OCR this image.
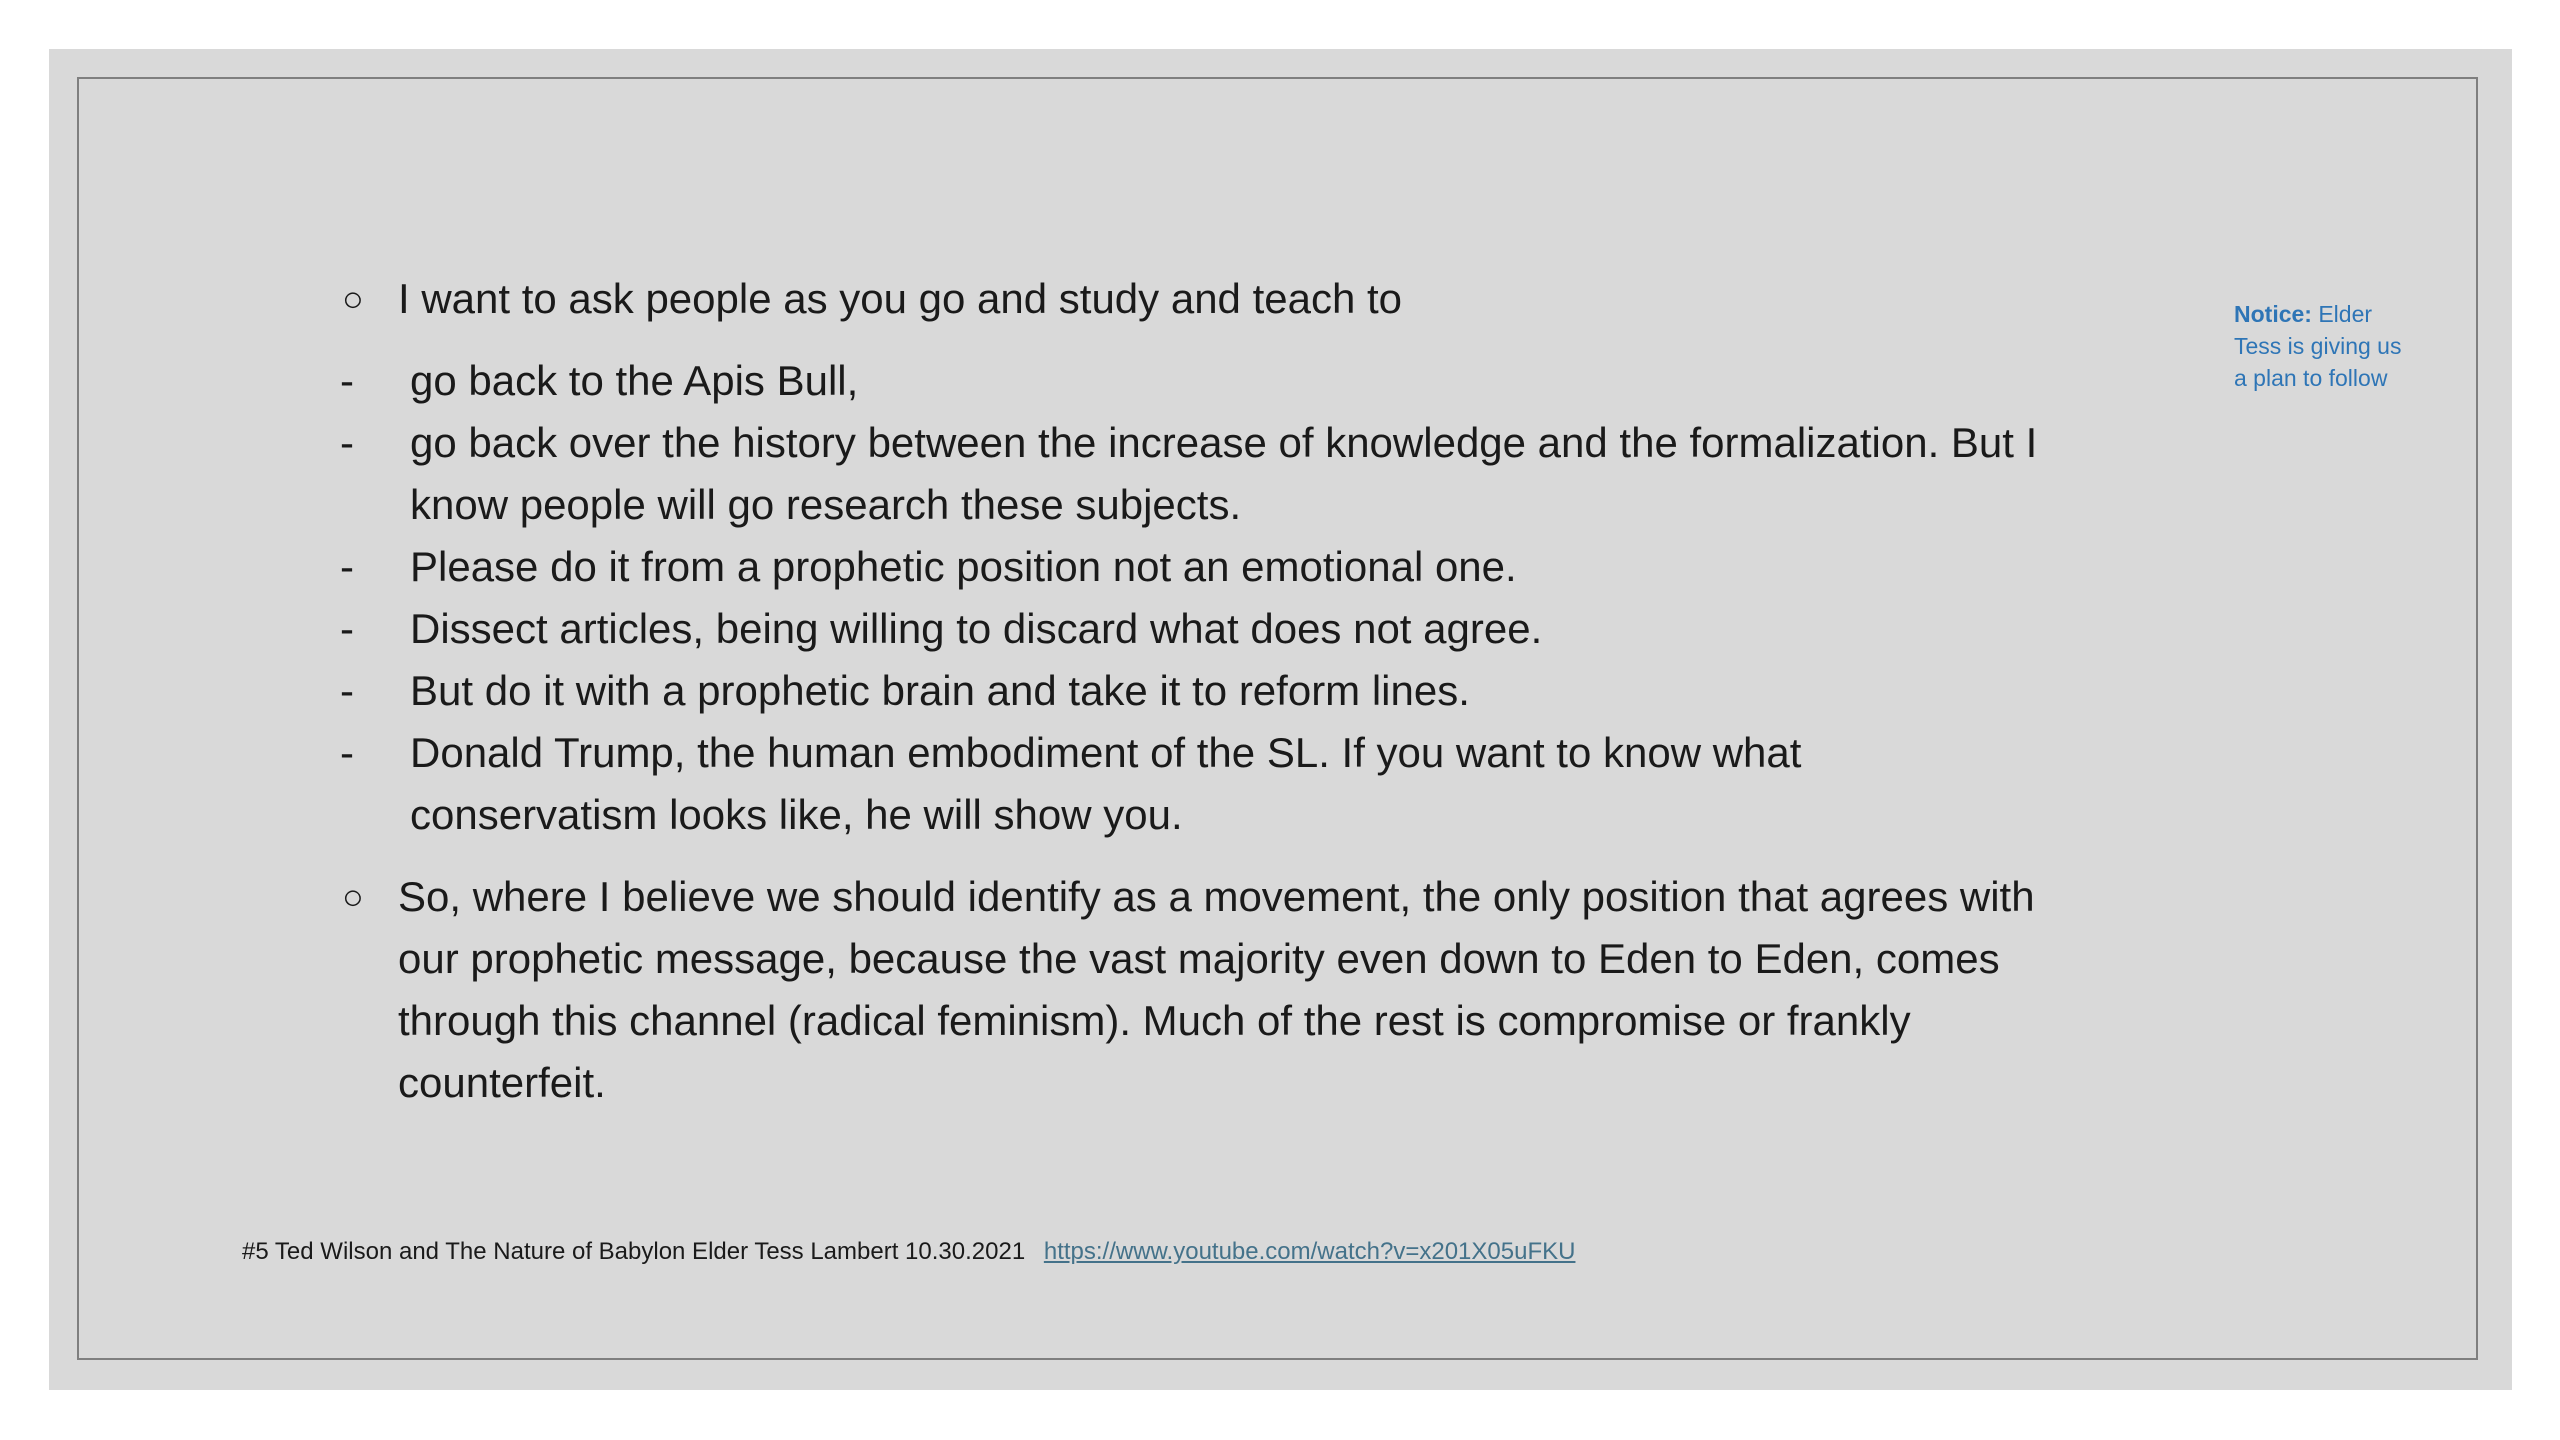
○ I want to ask people as you go and study and teach to
- go back to the Apis Bull,
- go back over the history between the increase of knowledge and the formalization. But I
know people will go research these subjects.
- Please do it from a prophetic position not an emotional one.
- Dissect articles, being willing to discard what does not agree.
- But do it with a prophetic brain and take it to reform lines.
- Donald Trump, the human embodiment of the SL. If you want to know what
conservatism looks like, he will show you.
○ So, where I believe we should identify as a movement, the only position that agrees with
our prophetic message, because the vast majority even down to Eden to Eden, comes
through this channel (radical feminism). Much of the rest is compromise or frankly
counterfeit.
Notice: Elder
Tess is giving us
a plan to follow
#5 Ted Wilson and The Nature of Babylon Elder Tess Lambert 10.30.2021 https://www.youtube.com/watch?v=x201X05uFKU
